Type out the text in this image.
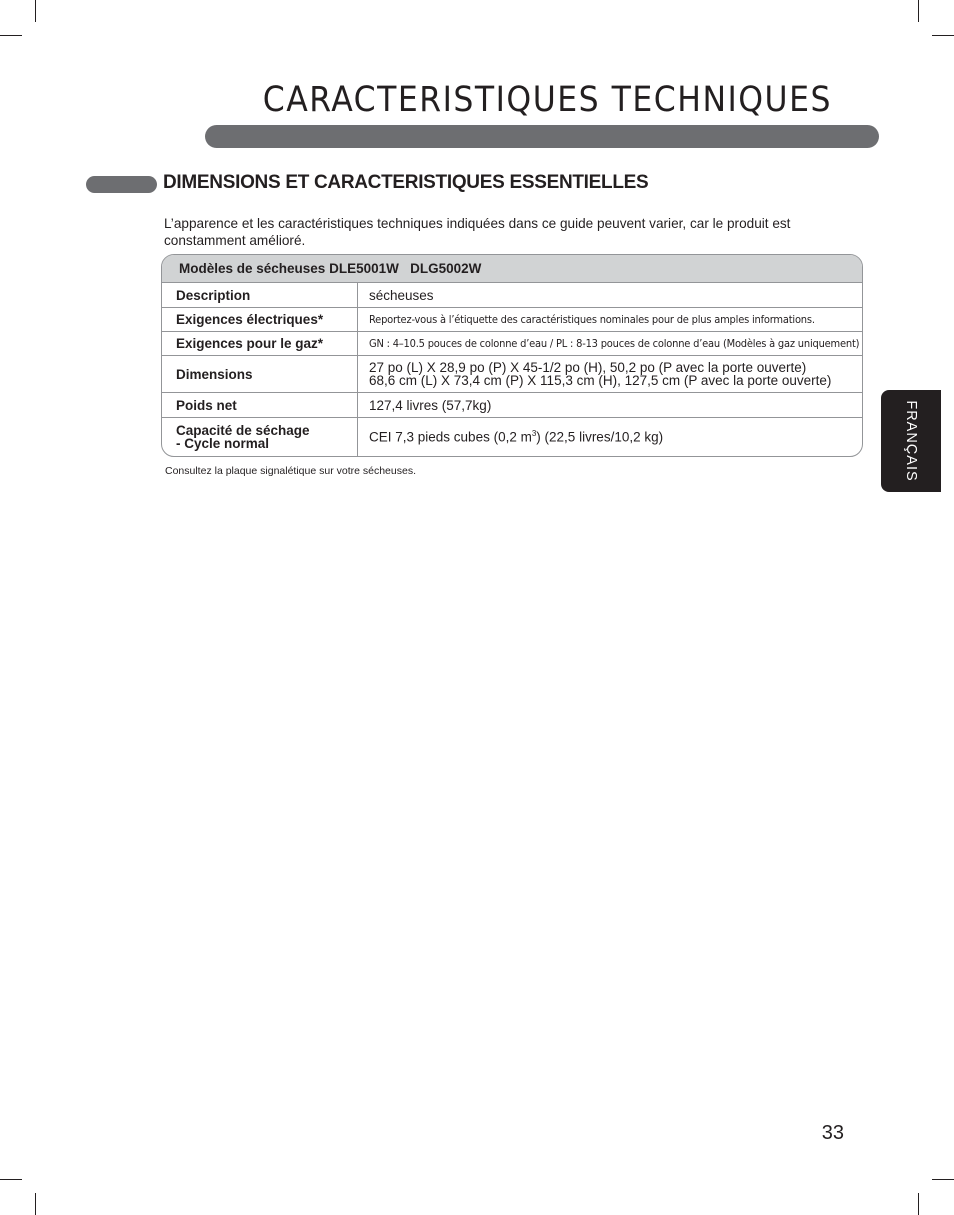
CARACTERISTIQUES TECHNIQUES
DIMENSIONS ET CARACTERISTIQUES ESSENTIELLES
L’apparence et les caractéristiques techniques indiquées dans ce guide peuvent varier, car le produit est constamment amélioré.
Modèles de sécheuses DLE5001W   DLG5002W	
Description	sécheuses
Exigences électriques*	Reportez-vous à l’étiquette des caractéristiques nominales pour de plus amples informations.
Exigences pour le gaz*	GN : 4–10.5 pouces de colonne d’eau / PL : 8-13 pouces de colonne d’eau (Modèles à gaz uniquement)
Dimensions	27 po (L) X 28,9 po (P) X 45-1/2 po (H), 50,2 po (P avec la porte ouverte)
68,6 cm (L) X 73,4 cm (P) X 115,3 cm (H), 127,5 cm (P avec la porte ouverte)

Poids net	127,4 livres (57,7kg)

Capacité de séchage
- Cycle normal	CEI 7,3 pieds cubes (0,2 $m^3$) (22,5 livres/10,2 kg)
Consultez la plaque signalétique sur votre sécheuses.	FRANÇAIS
33
